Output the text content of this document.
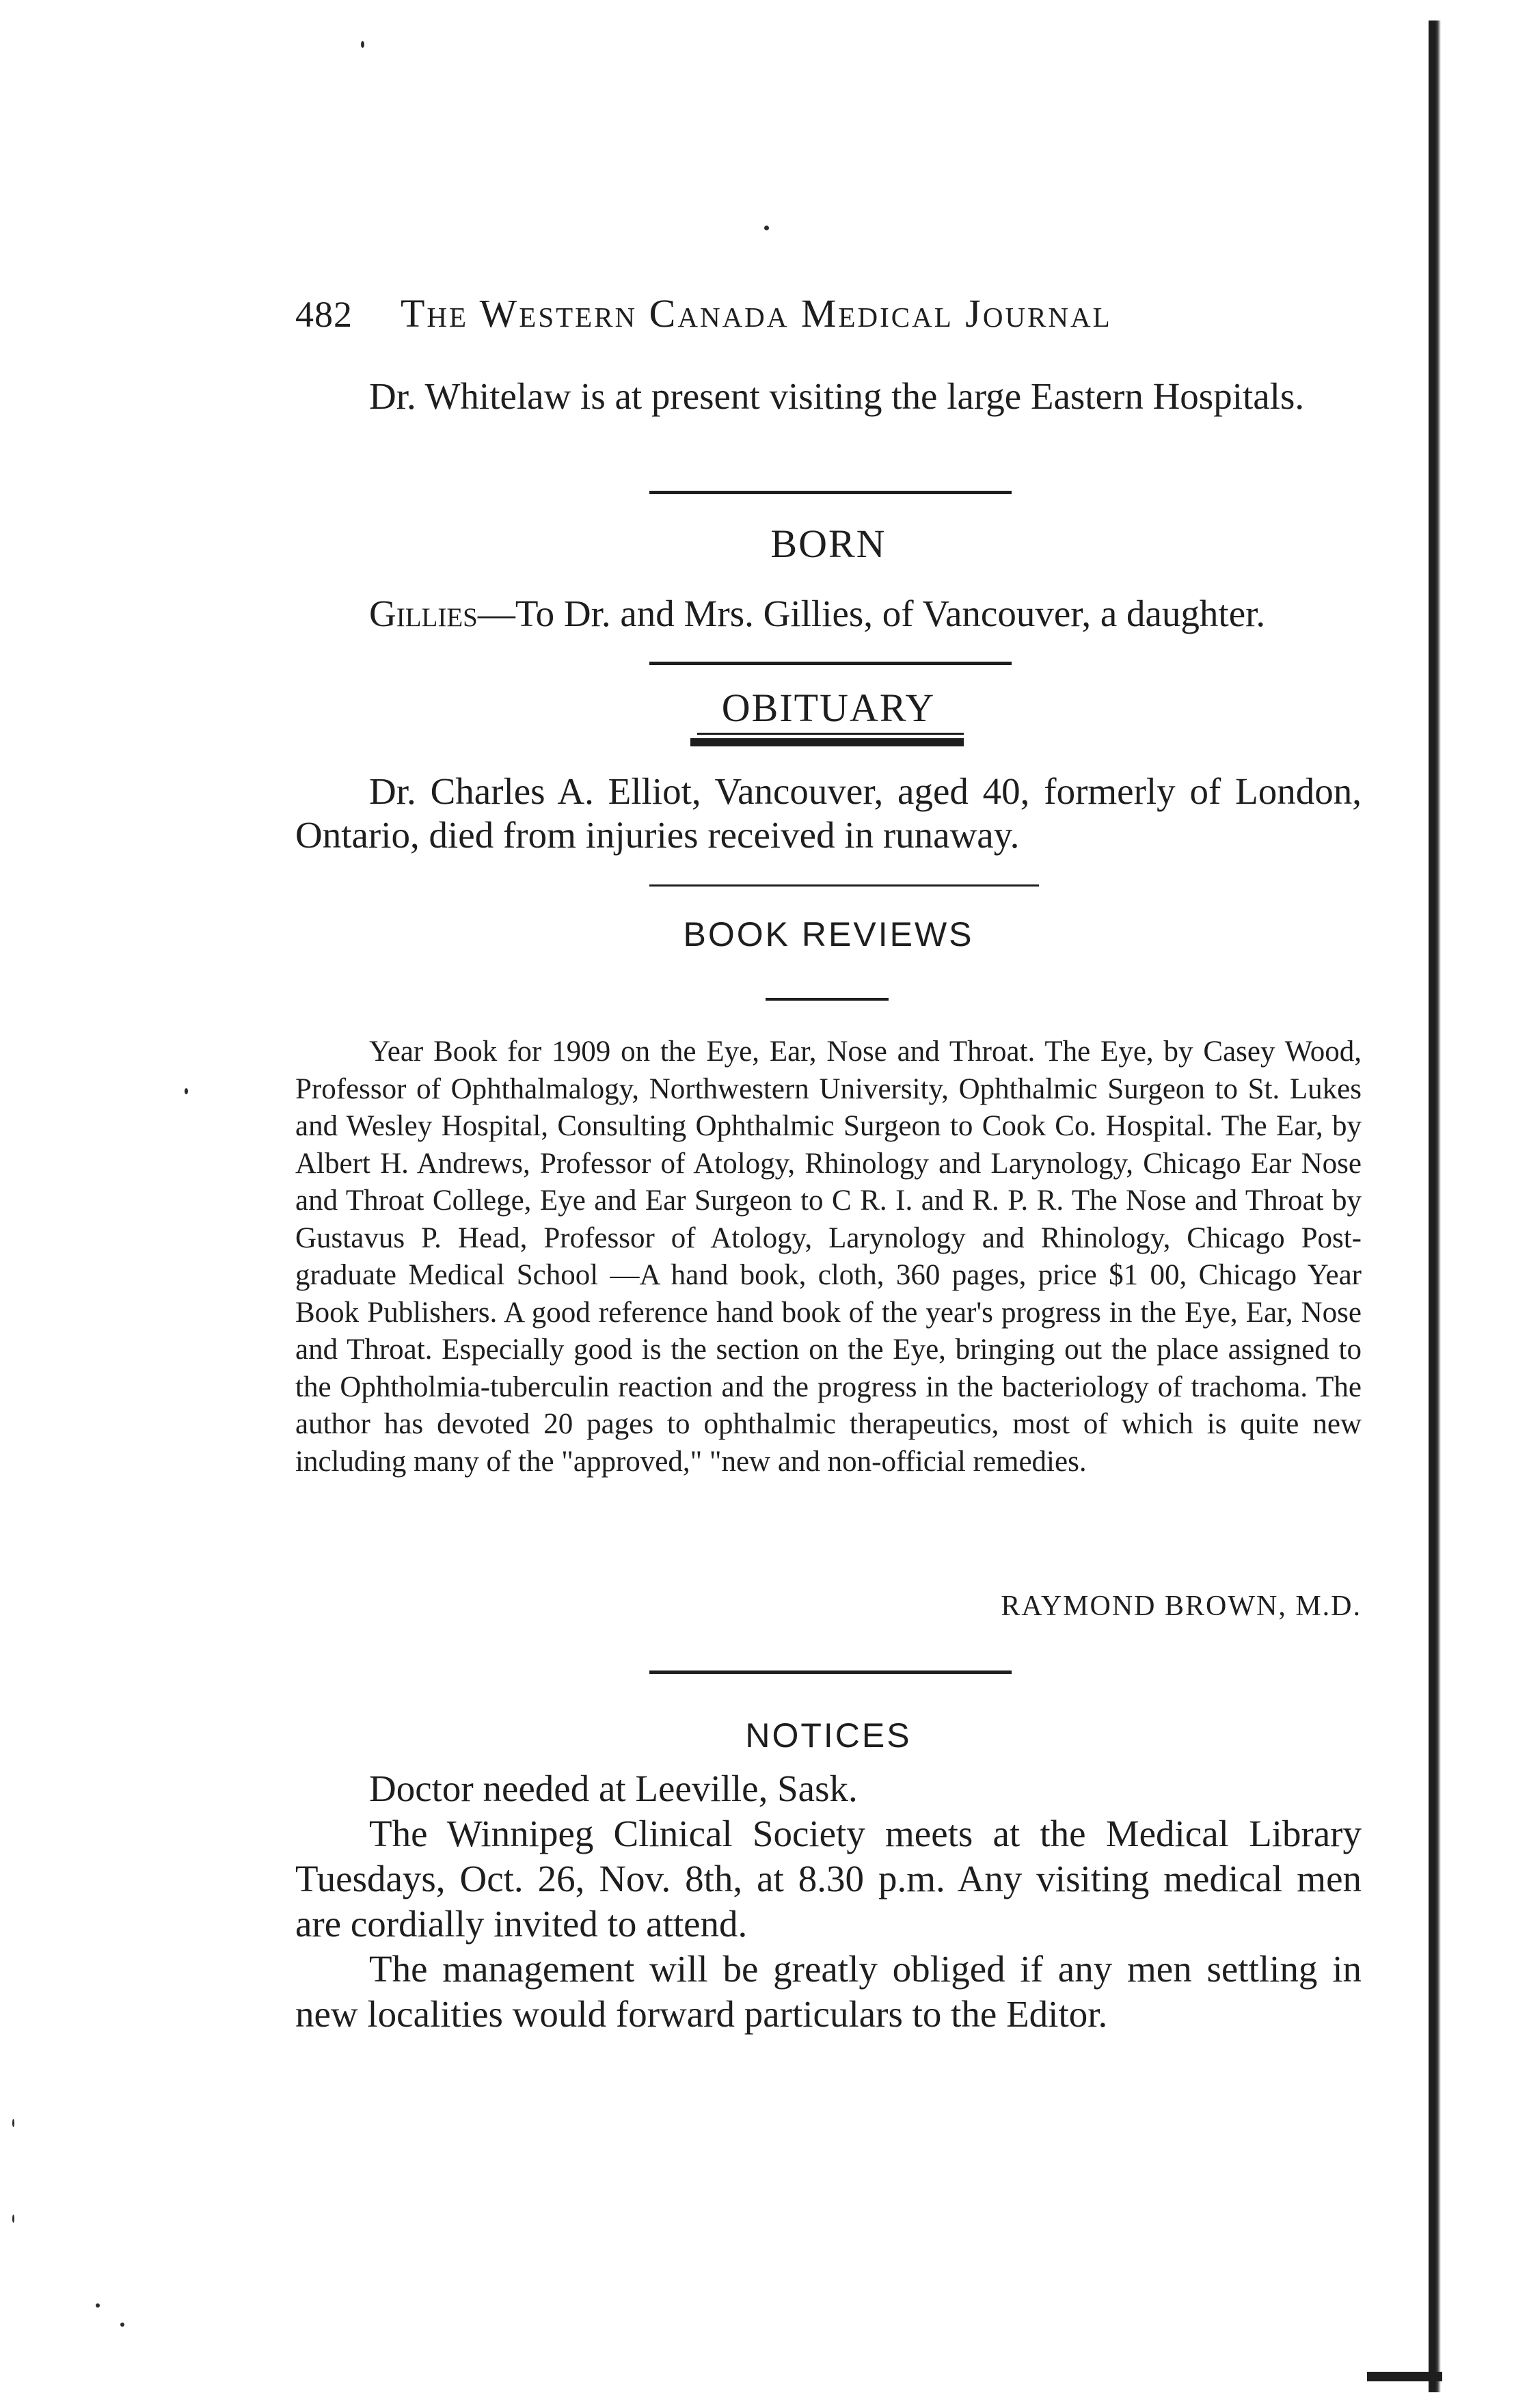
482 The Western Canada Medical Journal
Dr. Whitelaw is at present visiting the large Eastern Hospitals.
BORN
Gillies—To Dr. and Mrs. Gillies, of Vancouver, a daughter.
OBITUARY
Dr. Charles A. Elliot, Vancouver, aged 40, formerly of London, Ontario, died from injuries received in runaway.
BOOK REVIEWS
Year Book for 1909 on the Eye, Ear, Nose and Throat. The Eye, by Casey Wood, Professor of Ophthalmalogy, Northwestern University, Ophthalmic Surgeon to St. Lukes and Wesley Hospital, Consulting Ophthalmic Surgeon to Cook Co. Hospital. The Ear, by Albert H. Andrews, Professor of Atology, Rhinology and Larynology, Chicago Ear Nose and Throat College, Eye and Ear Surgeon to C R. I. and R. P. R. The Nose and Throat by Gustavus P. Head, Professor of Atology, Larynology and Rhinology, Chicago Post-graduate Medical School —A hand book, cloth, 360 pages, price $1 00, Chicago Year Book Publishers. A good reference hand book of the year's progress in the Eye, Ear, Nose and Throat. Especially good is the section on the Eye, bringing out the place assigned to the Ophtholmia-tuberculin reaction and the progress in the bacteriology of trachoma. The author has devoted 20 pages to ophthalmic therapeutics, most of which is quite new including many of the "approved," "new and non-official remedies.
RAYMOND BROWN, M.D.
NOTICES
Doctor needed at Leeville, Sask.
The Winnipeg Clinical Society meets at the Medical Library Tuesdays, Oct. 26, Nov. 8th, at 8.30 p.m. Any visiting medical men are cordially invited to attend.
The management will be greatly obliged if any men settling in new localities would forward particulars to the Editor.
